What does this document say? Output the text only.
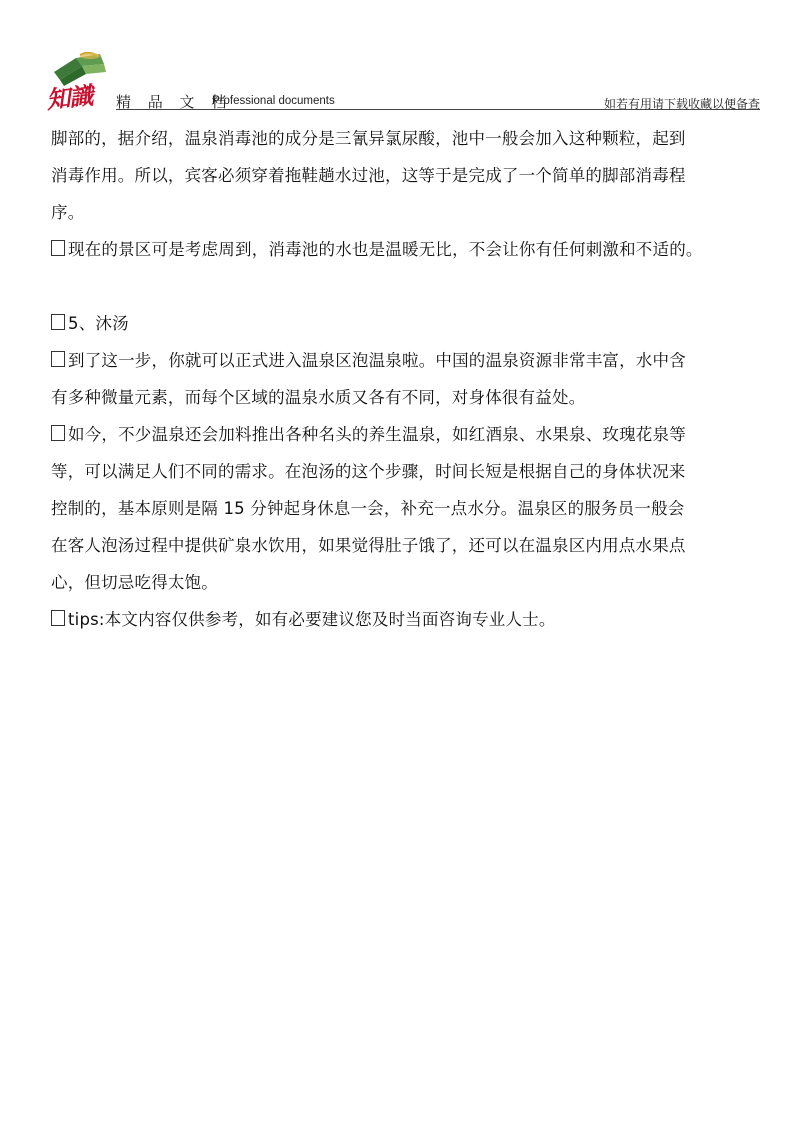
知識 精 品 文 档
Professional documents	如若有用请下载收藏以便备查

脚部的，据介绍，温泉消毒池的成分是三氰异氯尿酸，池中一般会加入这种颗粒，起到
消毒作用。所以，宾客必须穿着拖鞋趟水过池，这等于是完成了一个简单的脚部消毒程
序。

现在的景区可是考虑周到，消毒池的水也是温暖无比，不会让你有任何刺激和不适的。

5、沐汤

到了这一步，你就可以正式进入温泉区泡温泉啦。中国的温泉资源非常丰富，水中含
有多种微量元素，而每个区域的温泉水质又各有不同，对身体很有益处。

如今，不少温泉还会加料推出各种名头的养生温泉，如红酒泉、水果泉、玫瑰花泉等
等，可以满足人们不同的需求。在泡汤的这个步骤，时间长短是根据自己的身体状况来
控制的，基本原则是隔 15 分钟起身休息一会，补充一点水分。温泉区的服务员一般会
在客人泡汤过程中提供矿泉水饮用，如果觉得肚子饿了，还可以在温泉区内用点水果点
心，但切忌吃得太饱。

tips:本文内容仅供参考，如有必要建议您及时当面咨询专业人士。
